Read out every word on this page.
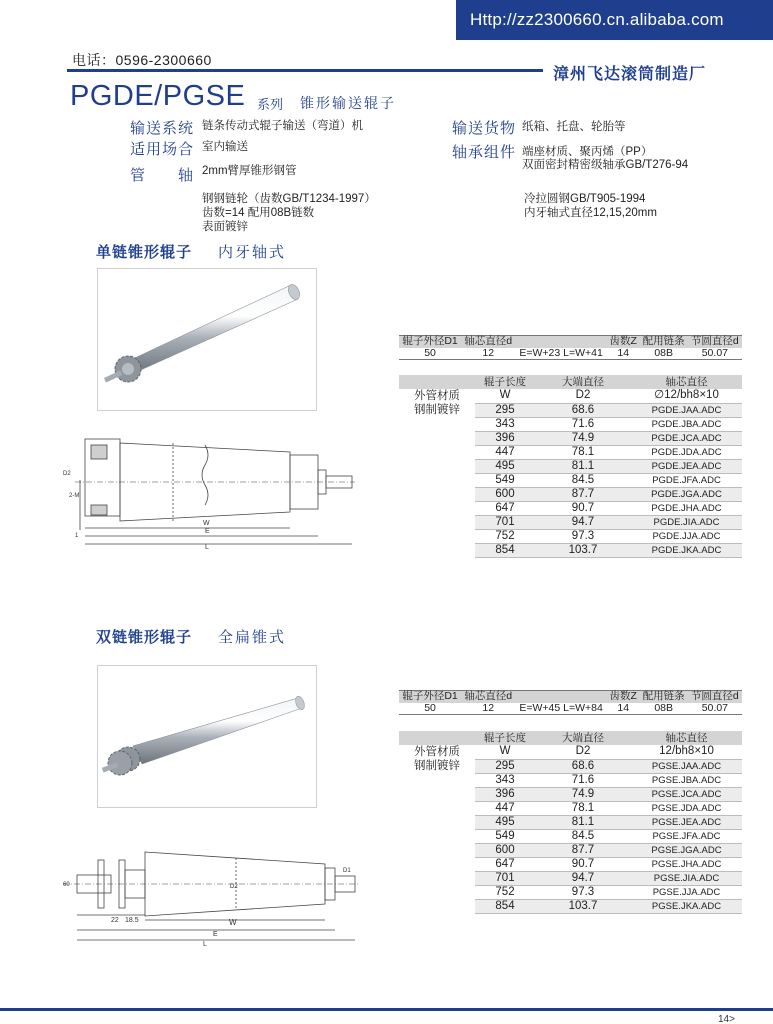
Http://zz2300660.cn.alibaba.com
电话：0596-2300660
漳州飞达滚筒制造厂
PGDE/PGSE 系列 锥形输送辊子
输送系统 链条传动式辊子输送（弯道）机
适用场合 室内输送
管　　轴 2mm臂厚锥形钢管
输送货物 纸箱、托盘、轮胎等
轴承组件 端座材质、聚丙烯（PP）
双面密封精密级轴承GB/T276-94
钢钢链轮（齿数GB/T1234-1997）
齿数=14 配用08B链数
表面镀锌
冷拉圆钢GB/T905-1994
内牙轴式直径12,15,20mm
单链锥形辊子 内牙轴式
W
E
L
D2
2-M
1
辊子外径D1	轴芯直径d		齿数Z	配用链条	节圆直径d
50	12	E=W+23 L=W+41	14	08B	50.07
	辊子长度	大端直径	轴芯直径
外管材质	W	D2	∅12/bh8×10
钢制镀锌	295	68.6	PGDE.JAA.ADC
	343	71.6	PGDE.JBA.ADC
	396	74.9	PGDE.JCA.ADC
	447	78.1	PGDE.JDA.ADC
	495	81.1	PGDE.JEA.ADC
	549	84.5	PGDE.JFA.ADC
	600	87.7	PGDE.JGA.ADC
	647	90.7	PGDE.JHA.ADC
	701	94.7	PGDE.JIA.ADC
	752	97.3	PGDE.JJA.ADC
	854	103.7	PGDE.JKA.ADC
双链锥形辊子 全扁锥式
22 18.5	W
E
L
60
D1
D2
辊子外径D1	轴芯直径d		齿数Z	配用链条	节圆直径d
50	12	E=W+45 L=W+84	14	08B	50.07
	辊子长度	大端直径	轴芯直径
外管材质	W	D2	12/bh8×10
钢制镀锌	295	68.6	PGSE.JAA.ADC
	343	71.6	PGSE.JBA.ADC
	396	74.9	PGSE.JCA.ADC
	447	78.1	PGSE.JDA.ADC
	495	81.1	PGSE.JEA.ADC
	549	84.5	PGSE.JFA.ADC
	600	87.7	PGSE.JGA.ADC
	647	90.7	PGSE.JHA.ADC
	701	94.7	PGSE.JIA.ADC
	752	97.3	PGSE.JJA.ADC
	854	103.7	PGSE.JKA.ADC
14>
